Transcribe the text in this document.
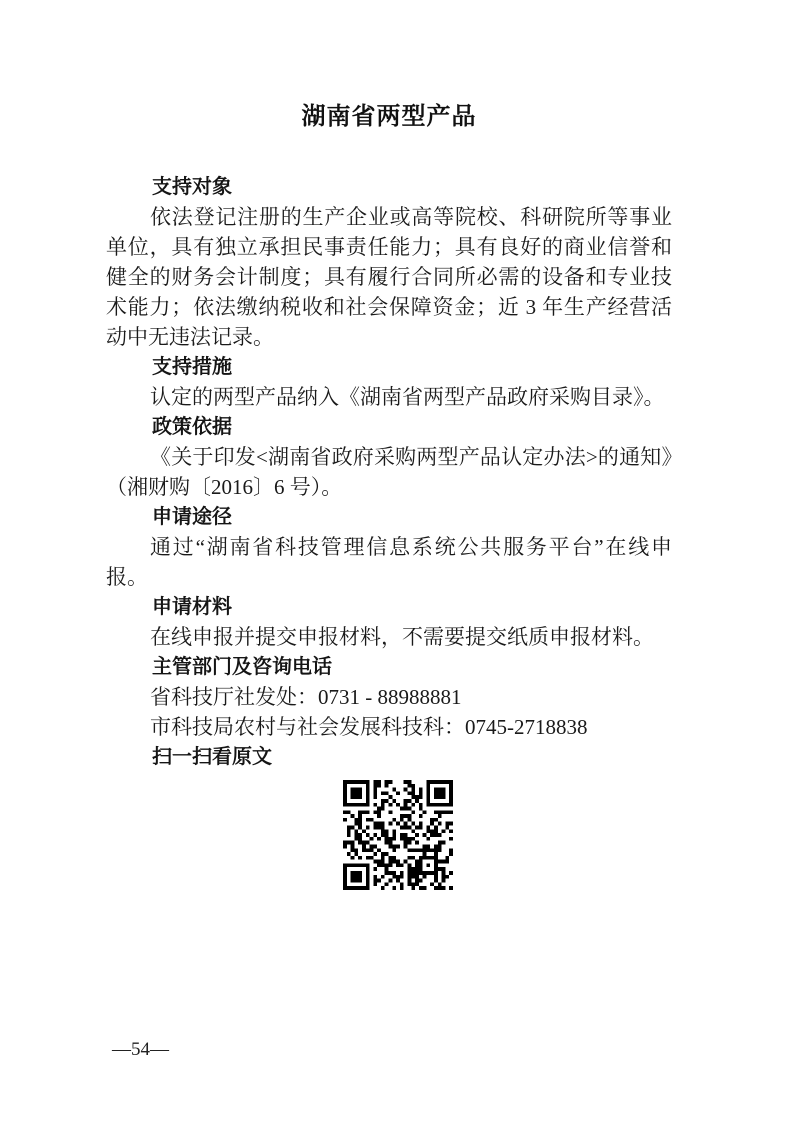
湖南省两型产品
支持对象

依法登记注册的生产企业或高等院校、科研院所等事业单位，具有独立承担民事责任能力；具有良好的商业信誉和健全的财务会计制度；具有履行合同所必需的设备和专业技术能力；依法缴纳税收和社会保障资金；近 3 年生产经营活动中无违法记录。

支持措施

认定的两型产品纳入《湖南省两型产品政府采购目录》。

政策依据

《关于印发<湖南省政府采购两型产品认定办法>的通知》（湘财购〔2016〕6 号）。

申请途径

通过“湖南省科技管理信息系统公共服务平台”在线申报。

申请材料

在线申报并提交申报材料，不需要提交纸质申报材料。

主管部门及咨询电话

省科技厅社发处：0731 - 88988881

市科技局农村与社会发展科技科：0745-2718838

扫一扫看原文
—54—
